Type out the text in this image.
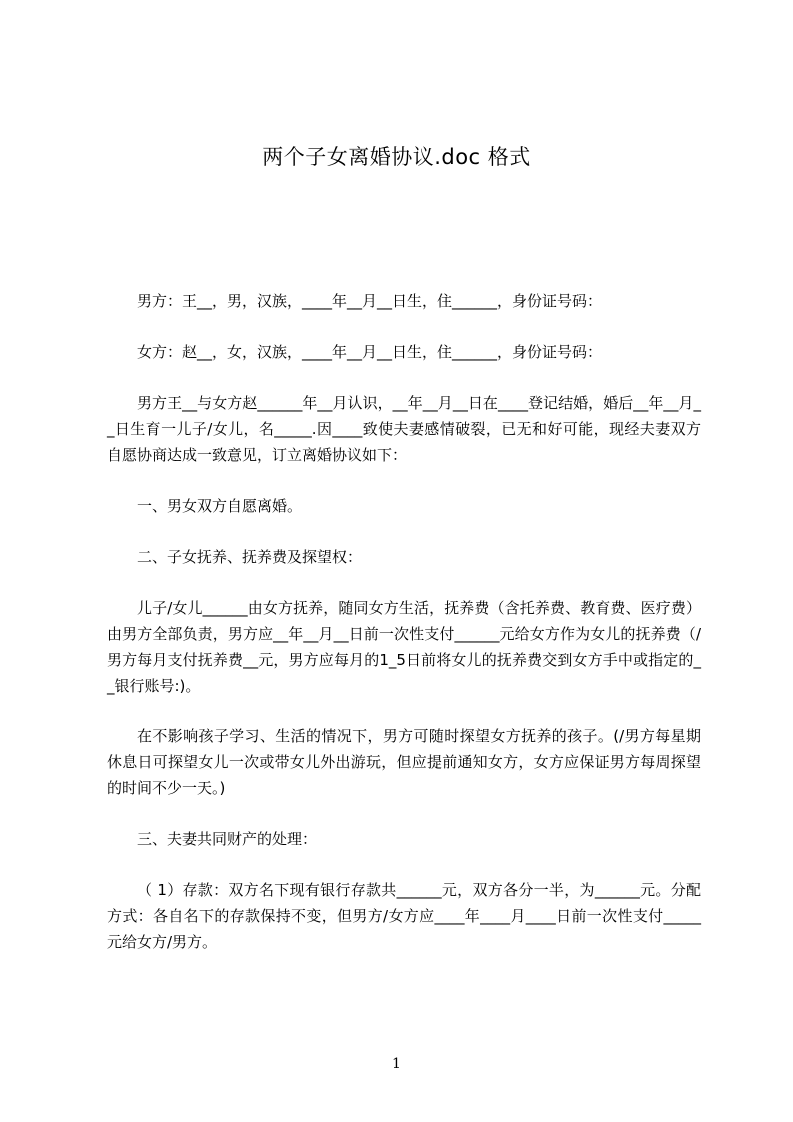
两个子女离婚协议.doc 格式

男方：王__，男，汉族，____年__月__日生，住______，身份证号码：

女方：赵__，女，汉族，____年__月__日生，住______，身份证号码：

男方王__与女方赵______年__月认识，__年__月__日在____登记结婚，婚后__年__月__日生育一儿子/女儿，名_____.因____致使夫妻感情破裂，已无和好可能，现经夫妻双方自愿协商达成一致意见，订立离婚协议如下：

一、男女双方自愿离婚。

二、子女抚养、抚养费及探望权：

儿子/女儿______由女方抚养，随同女方生活，抚养费（含托养费、教育费、医疗费）由男方全部负责，男方应__年__月__日前一次性支付______元给女方作为女儿的抚养费（/男方每月支付抚养费__元，男方应每月的1_5日前将女儿的抚养费交到女方手中或指定的__银行账号:)。

在不影响孩子学习、生活的情况下，男方可随时探望女方抚养的孩子。(/男方每星期休息日可探望女儿一次或带女儿外出游玩，但应提前通知女方，女方应保证男方每周探望的时间不少一天。)

三、夫妻共同财产的处理：

（ 1）存款：双方名下现有银行存款共______元，双方各分一半，为______元。分配方式：各自名下的存款保持不变，但男方/女方应____年____月____日前一次性支付_____元给女方/男方。

1
